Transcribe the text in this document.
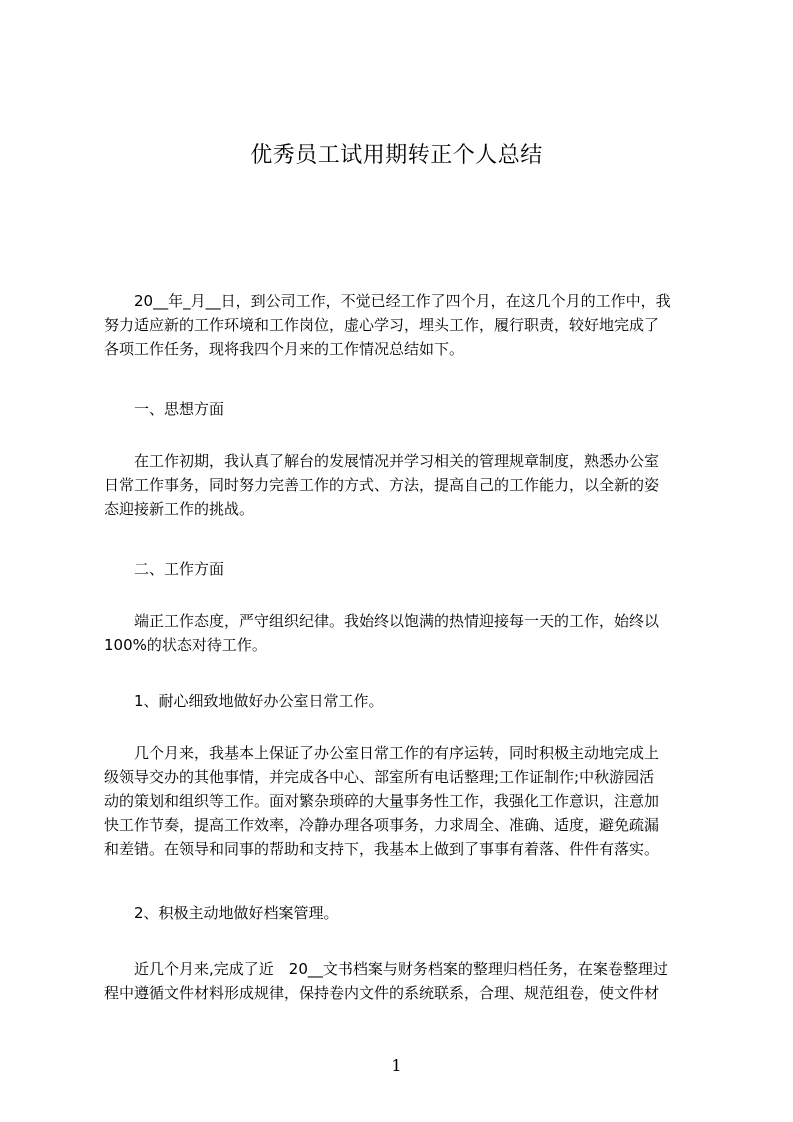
优秀员工试用期转正个人总结
　　20__年_月__日，到公司工作，不觉已经工作了四个月，在这几个月的工作中，我
努力适应新的工作环境和工作岗位，虚心学习，埋头工作，履行职责，较好地完成了
各项工作任务，现将我四个月来的工作情况总结如下。
一、思想方面
　　在工作初期，我认真了解台的发展情况并学习相关的管理规章制度，熟悉办公室
日常工作事务，同时努力完善工作的方式、方法，提高自己的工作能力，以全新的姿
态迎接新工作的挑战。
二、工作方面
　　端正工作态度，严守组织纪律。我始终以饱满的热情迎接每一天的工作，始终以
100%的状态对待工作。
1、耐心细致地做好办公室日常工作。
　　几个月来，我基本上保证了办公室日常工作的有序运转，同时积极主动地完成上
级领导交办的其他事情，并完成各中心、部室所有电话整理;工作证制作;中秋游园活
动的策划和组织等工作。面对繁杂琐碎的大量事务性工作，我强化工作意识，注意加
快工作节奏，提高工作效率，冷静办理各项事务，力求周全、准确、适度，避免疏漏
和差错。在领导和同事的帮助和支持下，我基本上做到了事事有着落、件件有落实。
2、积极主动地做好档案管理。
　　近几个月来,完成了近　20__文书档案与财务档案的整理归档任务，在案卷整理过
程中遵循文件材料形成规律，保持卷内文件的系统联系，合理、规范组卷，使文件材
1
